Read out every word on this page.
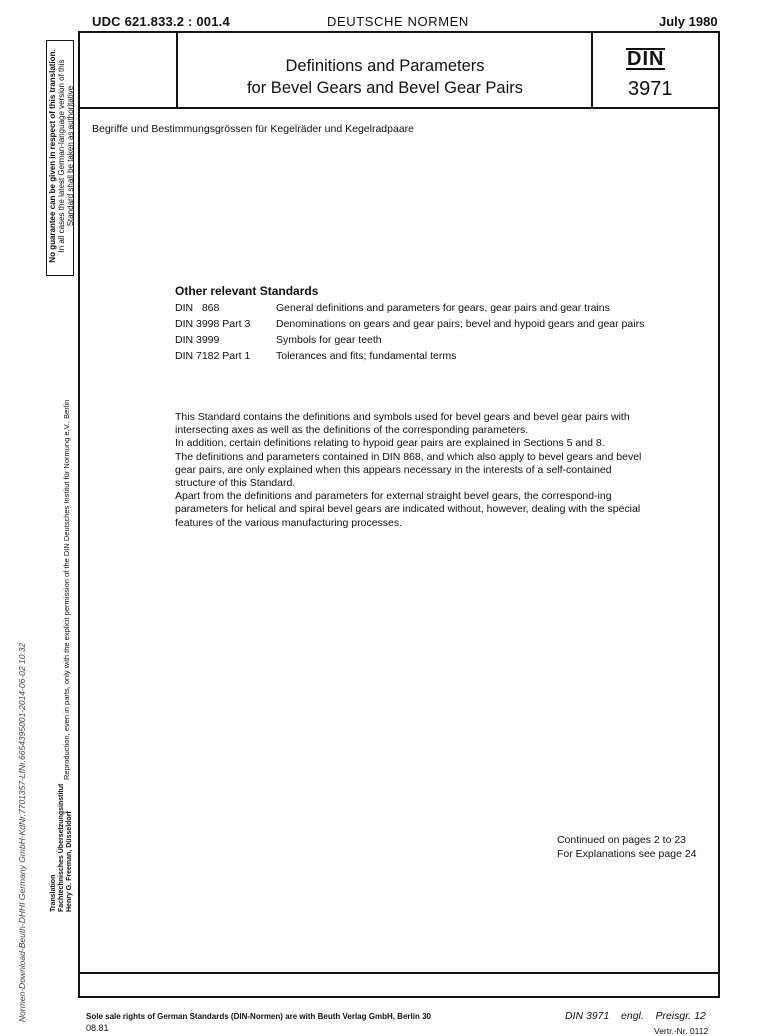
UDC 621.833.2 : 001.4	DEUTSCHE NORMEN	July 1980
Definitions and Parameters
for Bevel Gears and Bevel Gear Pairs
DIN
3971
Begriffe und Bestimmungsgrössen für Kegelräder und Kegelradpaare
Other relevant Standards
DIN   868	General definitions and parameters for gears, gear pairs and gear trains
DIN 3998 Part 3	Denominations on gears and gear pairs; bevel and hypoid gears and gear pairs
DIN 3999	Symbols for gear teeth
DIN 7182 Part 1	Tolerances and fits; fundamental terms

This Standard contains the definitions and symbols used for bevel gears and bevel gear pairs with intersecting axes as well as the definitions of the corresponding parameters.

In addition, certain definitions relating to hypoid gear pairs are explained in Sections 5 and 8.

The definitions and parameters contained in DIN 868, and which also apply to bevel gears and bevel gear pairs, are only explained when this appears necessary in the interests of a self-contained structure of this Standard.

Apart from the definitions and parameters for external straight bevel gears, the correspond-ing parameters for helical and spiral bevel gears are indicated without, however, dealing with the special features of the various manufacturing processes.

Continued on pages 2 to 23
For Explanations see page 24
Sole sale rights of German Standards (DIN-Normen) are with Beuth Verlag GmbH, Berlin 30
08.81
DIN 3971    engl.    Preisgr. 12
Vertr.-Nr. 0112
No guarantee can be given in respect of this translation. In all cases the latest German-language version of this Standard shall be taken as authoritative
Reproduction, even in parts, only with the explicit permission of the DIN Deutsches Institut für Normung e.V., Berlin
Translation Fachtechnisches Übersetzungsinstitut Henry G. Freeman, Düsseldorf
Normen-Download-Beuth-DHHI Germany GmbH-KdNr.7701357-LfNr.6654395001-2014-06-02 10:32
